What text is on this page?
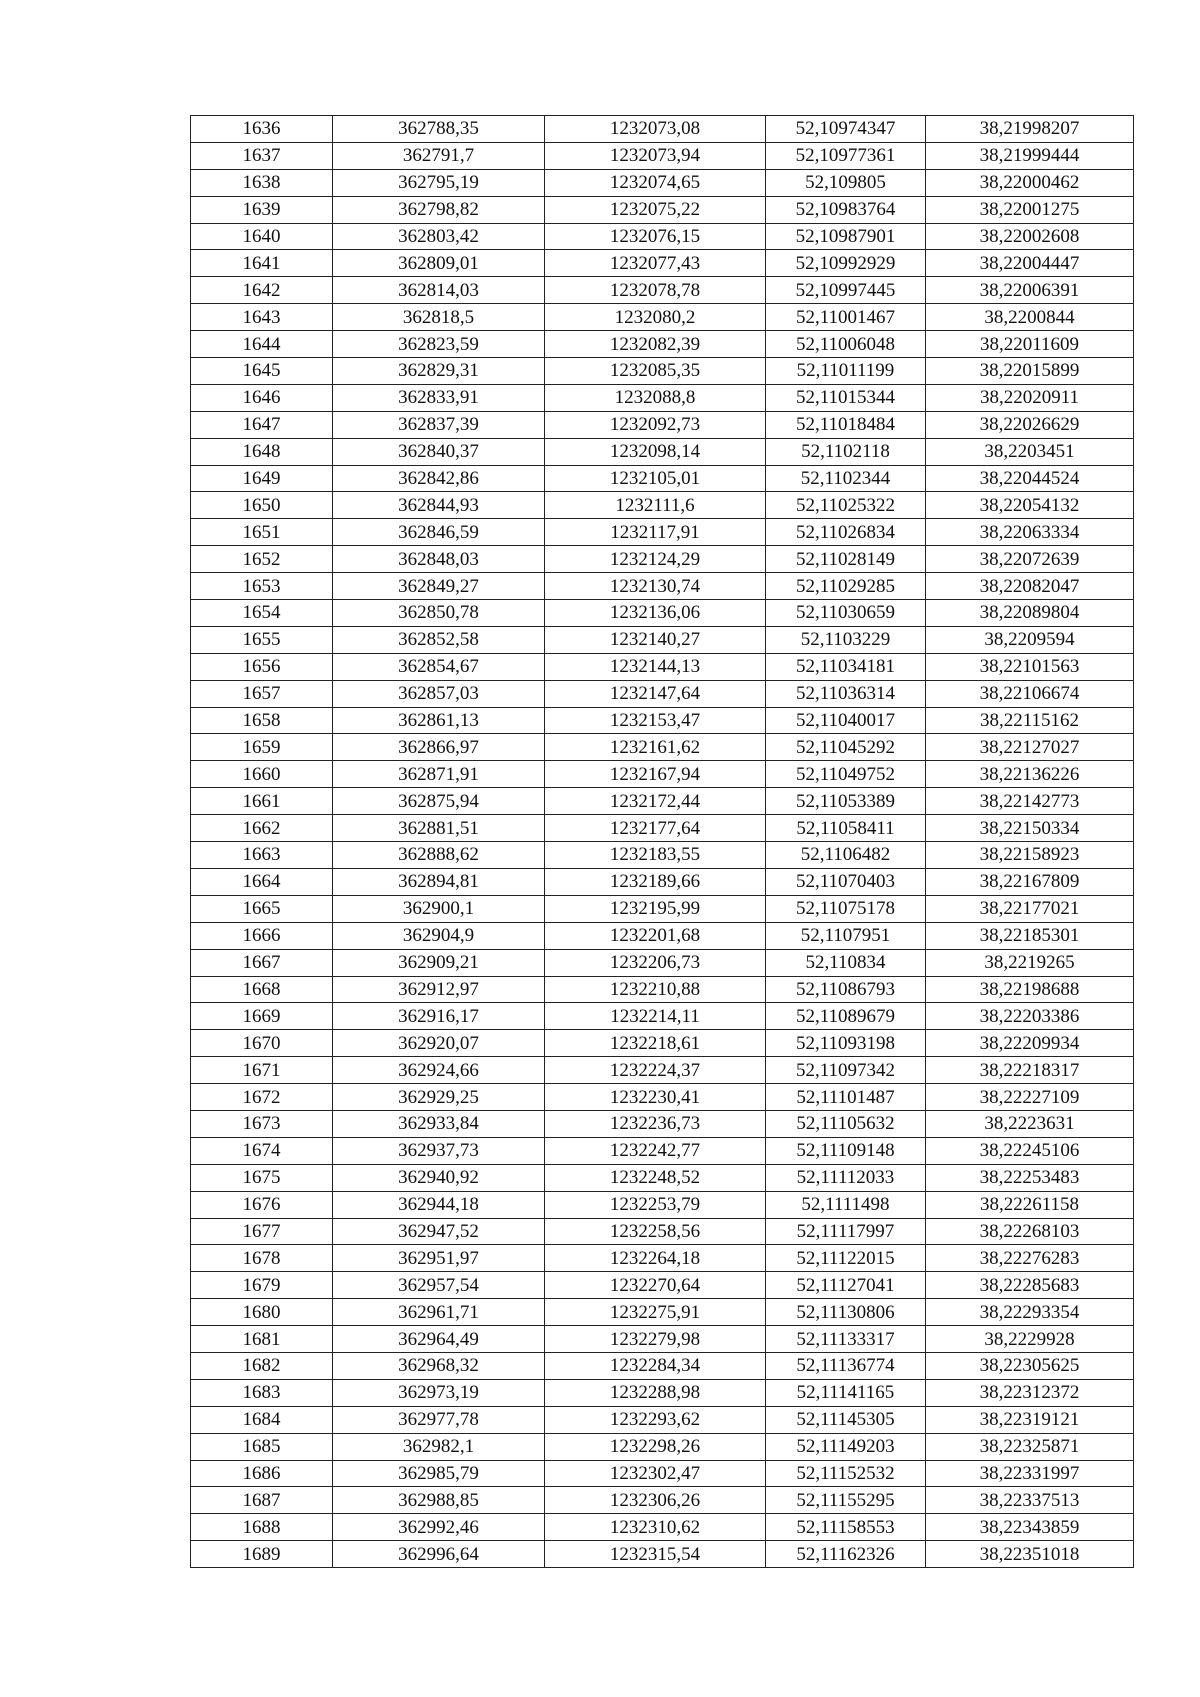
1636	362788,35	1232073,08	52,10974347	38,21998207
1637	362791,7	1232073,94	52,10977361	38,21999444
1638	362795,19	1232074,65	52,109805	38,22000462
1639	362798,82	1232075,22	52,10983764	38,22001275
1640	362803,42	1232076,15	52,10987901	38,22002608
1641	362809,01	1232077,43	52,10992929	38,22004447
1642	362814,03	1232078,78	52,10997445	38,22006391
1643	362818,5	1232080,2	52,11001467	38,2200844
1644	362823,59	1232082,39	52,11006048	38,22011609
1645	362829,31	1232085,35	52,11011199	38,22015899
1646	362833,91	1232088,8	52,11015344	38,22020911
1647	362837,39	1232092,73	52,11018484	38,22026629
1648	362840,37	1232098,14	52,1102118	38,2203451
1649	362842,86	1232105,01	52,1102344	38,22044524
1650	362844,93	1232111,6	52,11025322	38,22054132
1651	362846,59	1232117,91	52,11026834	38,22063334
1652	362848,03	1232124,29	52,11028149	38,22072639
1653	362849,27	1232130,74	52,11029285	38,22082047
1654	362850,78	1232136,06	52,11030659	38,22089804
1655	362852,58	1232140,27	52,1103229	38,2209594
1656	362854,67	1232144,13	52,11034181	38,22101563
1657	362857,03	1232147,64	52,11036314	38,22106674
1658	362861,13	1232153,47	52,11040017	38,22115162
1659	362866,97	1232161,62	52,11045292	38,22127027
1660	362871,91	1232167,94	52,11049752	38,22136226
1661	362875,94	1232172,44	52,11053389	38,22142773
1662	362881,51	1232177,64	52,11058411	38,22150334
1663	362888,62	1232183,55	52,1106482	38,22158923
1664	362894,81	1232189,66	52,11070403	38,22167809
1665	362900,1	1232195,99	52,11075178	38,22177021
1666	362904,9	1232201,68	52,1107951	38,22185301
1667	362909,21	1232206,73	52,110834	38,2219265
1668	362912,97	1232210,88	52,11086793	38,22198688
1669	362916,17	1232214,11	52,11089679	38,22203386
1670	362920,07	1232218,61	52,11093198	38,22209934
1671	362924,66	1232224,37	52,11097342	38,22218317
1672	362929,25	1232230,41	52,11101487	38,22227109
1673	362933,84	1232236,73	52,11105632	38,2223631
1674	362937,73	1232242,77	52,11109148	38,22245106
1675	362940,92	1232248,52	52,11112033	38,22253483
1676	362944,18	1232253,79	52,1111498	38,22261158
1677	362947,52	1232258,56	52,11117997	38,22268103
1678	362951,97	1232264,18	52,11122015	38,22276283
1679	362957,54	1232270,64	52,11127041	38,22285683
1680	362961,71	1232275,91	52,11130806	38,22293354
1681	362964,49	1232279,98	52,11133317	38,2229928
1682	362968,32	1232284,34	52,11136774	38,22305625
1683	362973,19	1232288,98	52,11141165	38,22312372
1684	362977,78	1232293,62	52,11145305	38,22319121
1685	362982,1	1232298,26	52,11149203	38,22325871
1686	362985,79	1232302,47	52,11152532	38,22331997
1687	362988,85	1232306,26	52,11155295	38,22337513
1688	362992,46	1232310,62	52,11158553	38,22343859
1689	362996,64	1232315,54	52,11162326	38,22351018
